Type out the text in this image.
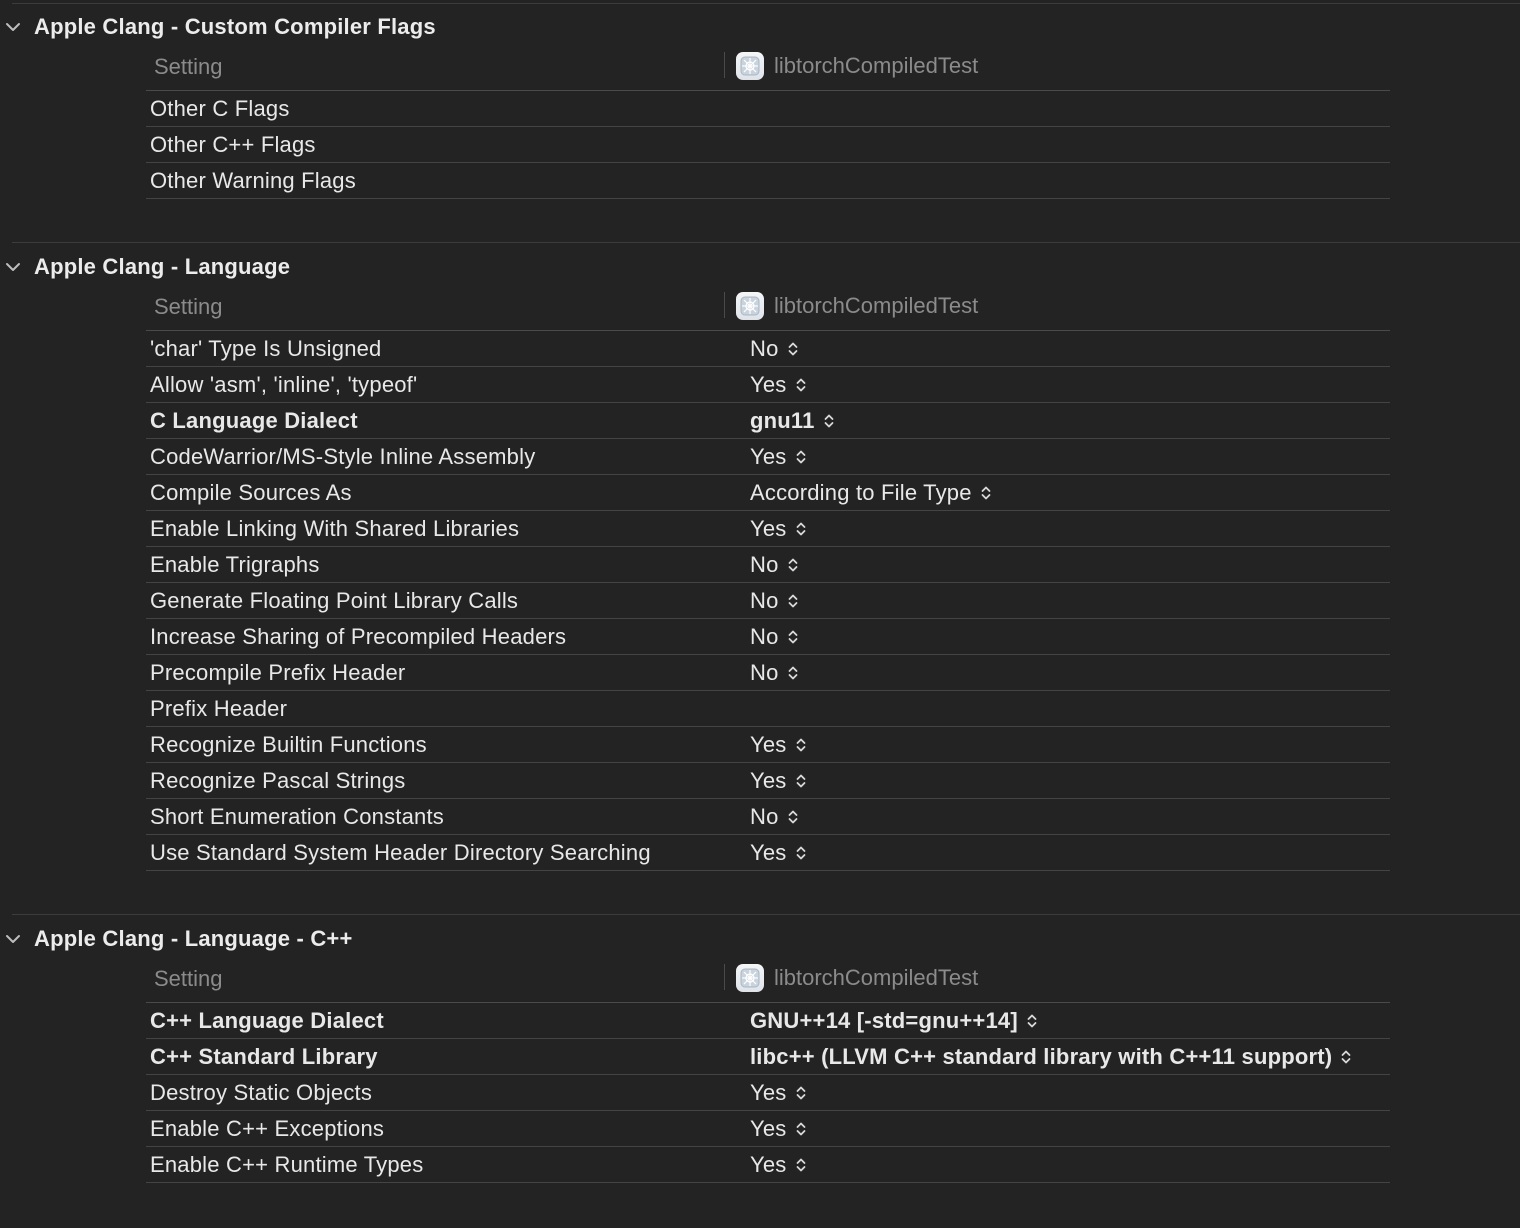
Apple Clang - Custom Compiler Flags
Setting	libtorchCompiledTest
Other C Flags
Other C++ Flags
Other Warning Flags
Apple Clang - Language
Setting	libtorchCompiledTest
'char' Type Is Unsigned	No
Allow 'asm', 'inline', 'typeof'	Yes
C Language Dialect	gnu11
CodeWarrior/MS-Style Inline Assembly	Yes
Compile Sources As	According to File Type
Enable Linking With Shared Libraries	Yes
Enable Trigraphs	No
Generate Floating Point Library Calls	No
Increase Sharing of Precompiled Headers	No
Precompile Prefix Header	No
Prefix Header
Recognize Builtin Functions	Yes
Recognize Pascal Strings	Yes
Short Enumeration Constants	No
Use Standard System Header Directory Searching	Yes
Apple Clang - Language - C++
Setting	libtorchCompiledTest
C++ Language Dialect	GNU++14 [-std=gnu++14]
C++ Standard Library	libc++ (LLVM C++ standard library with C++11 support)
Destroy Static Objects	Yes
Enable C++ Exceptions	Yes
Enable C++ Runtime Types	Yes
